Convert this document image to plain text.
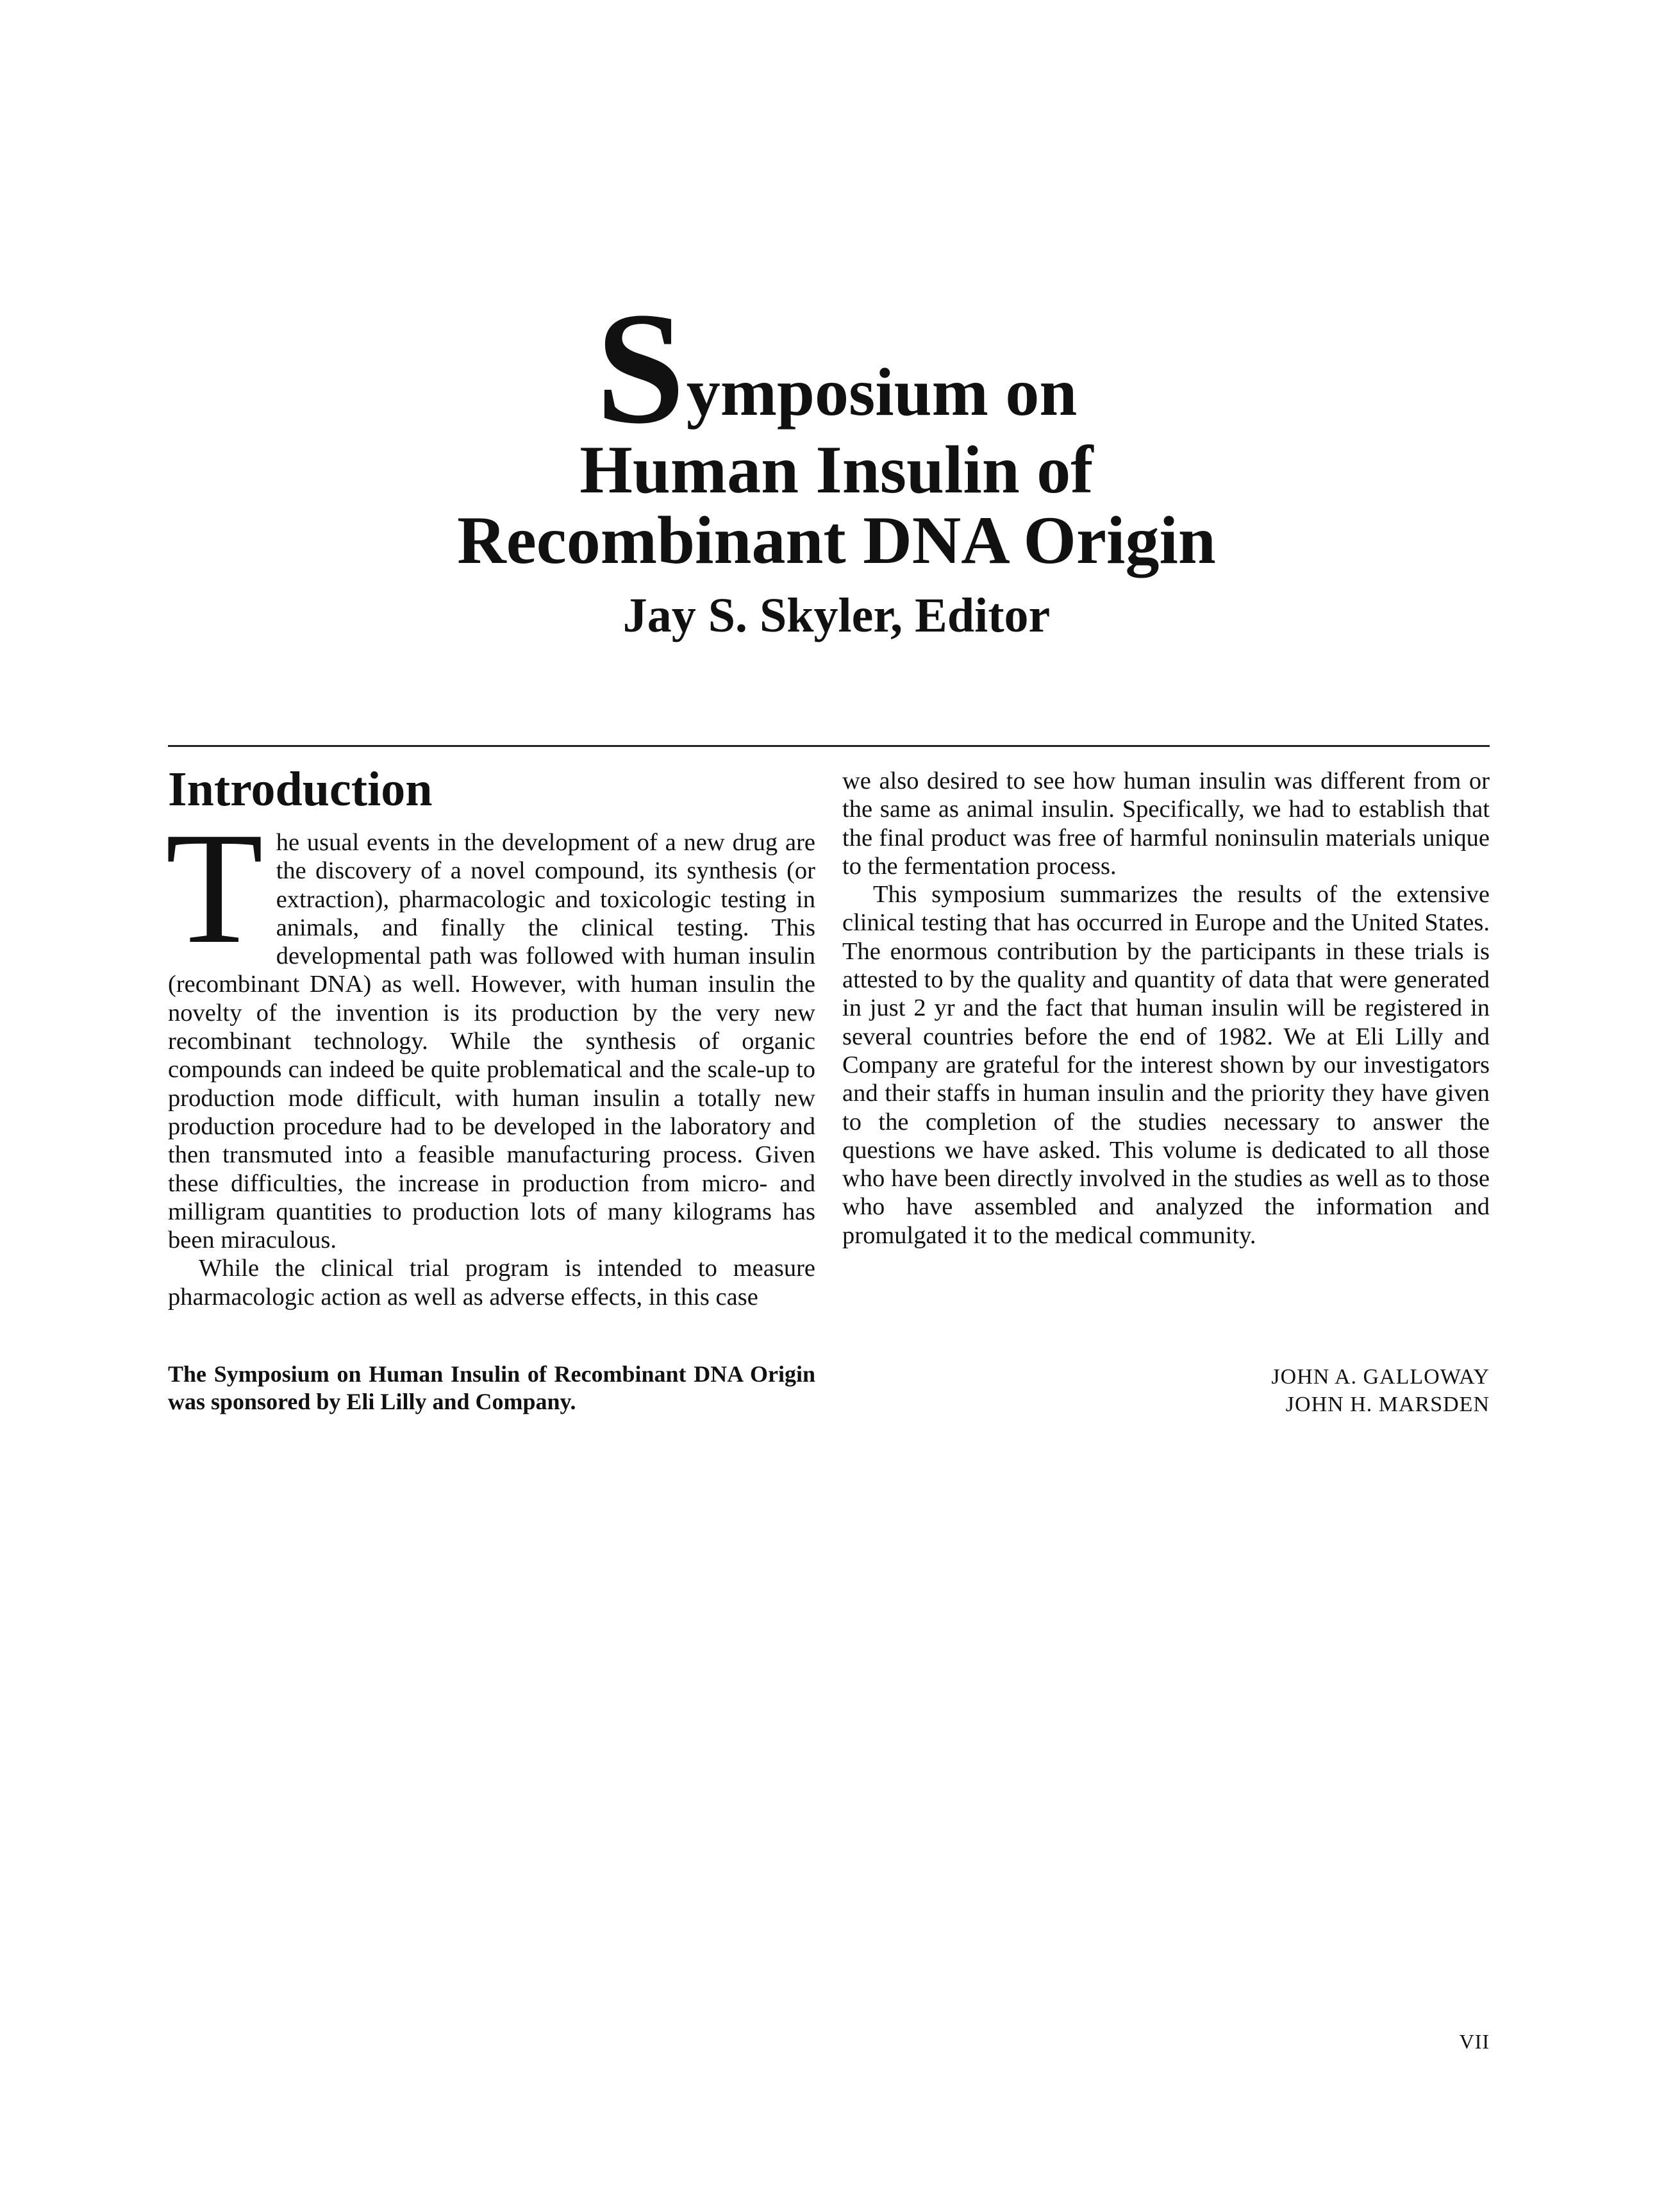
S ymposium on
Human Insulin of
Recombinant DNA Origin
Jay S. Skyler, Editor
Introduction

The usual events in the development of a new drug are the discovery of a novel compound, its synthesis (or extraction), pharmacologic and toxicologic testing in animals, and finally the clinical testing. This developmental path was followed with human insulin (recombinant DNA) as well. However, with human insulin the novelty of the invention is its production by the very new recombinant technology. While the synthesis of organic compounds can indeed be quite problematical and the scale-up to production mode difficult, with human insulin a totally new production procedure had to be developed in the laboratory and then transmuted into a feasible manufacturing process. Given these difficulties, the increase in production from micro- and milligram quantities to production lots of many kilograms has been miraculous.

While the clinical trial program is intended to measure pharmacologic action as well as adverse effects, in this case

we also desired to see how human insulin was different from or the same as animal insulin. Specifically, we had to establish that the final product was free of harmful noninsulin materials unique to the fermentation process.

This symposium summarizes the results of the extensive clinical testing that has occurred in Europe and the United States. The enormous contribution by the participants in these trials is attested to by the quality and quantity of data that were generated in just 2 yr and the fact that human insulin will be registered in several countries before the end of 1982. We at Eli Lilly and Company are grateful for the interest shown by our investigators and their staffs in human insulin and the priority they have given to the completion of the studies necessary to answer the questions we have asked. This volume is dedicated to all those who have been directly involved in the studies as well as to those who have assembled and analyzed the information and promulgated it to the medical community.

The Symposium on Human Insulin of Recombinant DNA Origin was sponsored by Eli Lilly and Company.
JOHN A. GALLOWAY
JOHN H. MARSDEN
VII
